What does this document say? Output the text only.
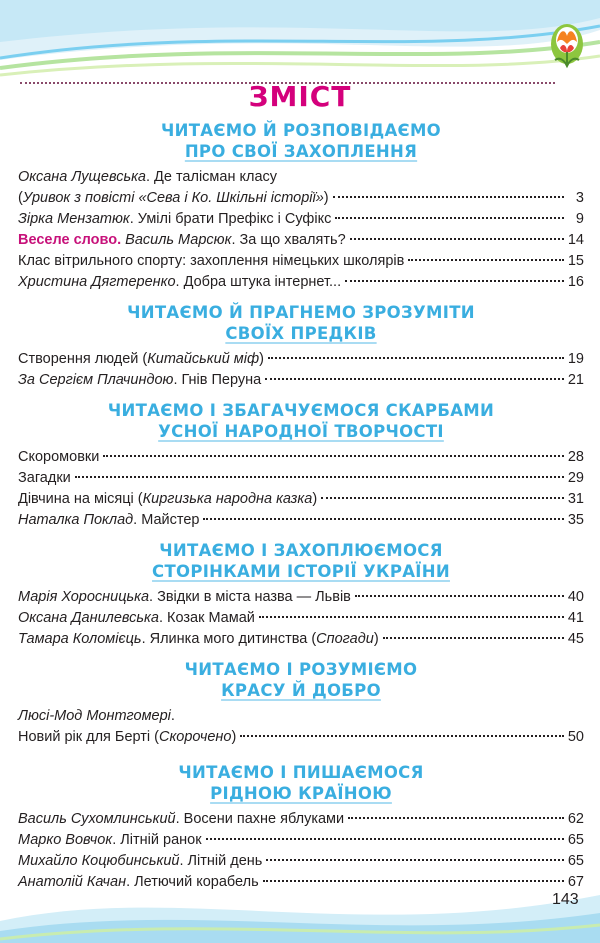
ЗМІСТ
ЧИТАЄМО Й РОЗПОВІДАЄМО
ПРО СВОЇ ЗАХОПЛЕННЯ
Оксана Лущевська. Де талісман класу
(Уривок з повісті «Сева і Ко. Шкільні історії»)	3
Зірка Мензатюк. Умілі брати Префікс і Суфікс	9
Веселе слово. Василь Марсюк. За що хвалять?	14
Клас вітрильного спорту: захоплення німецьких школярів	15
Христина Дягтеренко. Добра штука інтернет...	16
ЧИТАЄМО Й ПРАГНЕМО ЗРОЗУМІТИ
СВОЇХ ПРЕДКІВ
Створення людей (Китайський міф)	19
За Сергієм Плачиндою. Гнів Перуна	21
ЧИТАЄМО І ЗБАГАЧУЄМОСЯ СКАРБАМИ
УСНОЇ НАРОДНОЇ ТВОРЧОСТІ
Скоромовки	28
Загадки	29
Дівчина на місяці (Киргизька народна казка)	31
Наталка Поклад. Майстер	35
ЧИТАЄМО І ЗАХОПЛЮЄМОСЯ
СТОРІНКАМИ ІСТОРІЇ УКРАЇНИ
Марія Хоросницька. Звідки в міста назва — Львів	40
Оксана Данилевська. Козак Мамай	41
Тамара Коломієць. Ялинка мого дитинства (Спогади)	45
ЧИТАЄМО І РОЗУМІЄМО
КРАСУ Й ДОБРО
Люсі-Мод Монтгомері.
Новий рік для Берті (Скорочено)	50
ЧИТАЄМО І ПИШАЄМОСЯ
РІДНОЮ КРАЇНОЮ
Василь Сухомлинський. Восени пахне яблуками	62
Марко Вовчок. Літній ранок	65
Михайло Коцюбинський. Літній день	65
Анатолій Качан. Летючий корабель	67
143
